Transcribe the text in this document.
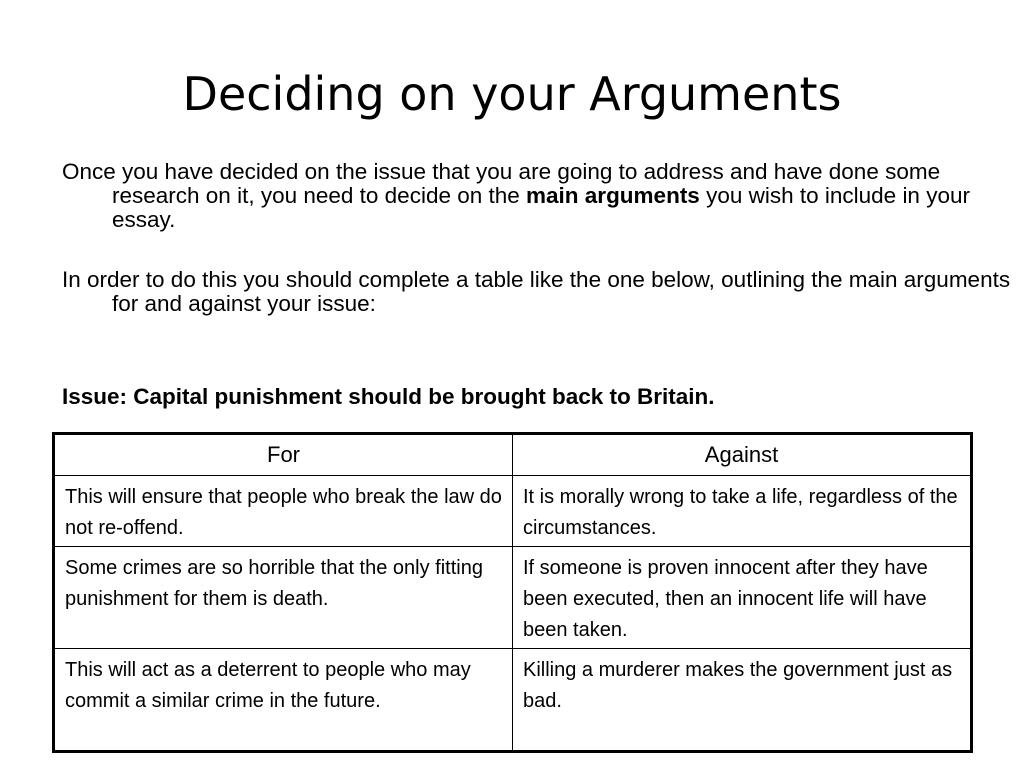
Deciding on your Arguments

Once you have decided on the issue that you are going to address and have done some research on it, you need to decide on the main arguments you wish to include in your essay.

In order to do this you should complete a table like the one below, outlining the main arguments for and against your issue:

Issue: Capital punishment should be brought back to Britain.

For	Against
This will ensure that people who break the law do not re-offend.	It is morally wrong to take a life, regardless of the circumstances.
Some crimes are so horrible that the only fitting punishment for them is death.	If someone is proven innocent after they have been executed, then an innocent life will have been taken.
This will act as a deterrent to people who may commit a similar crime in the future.	Killing a murderer makes the government just as bad.
